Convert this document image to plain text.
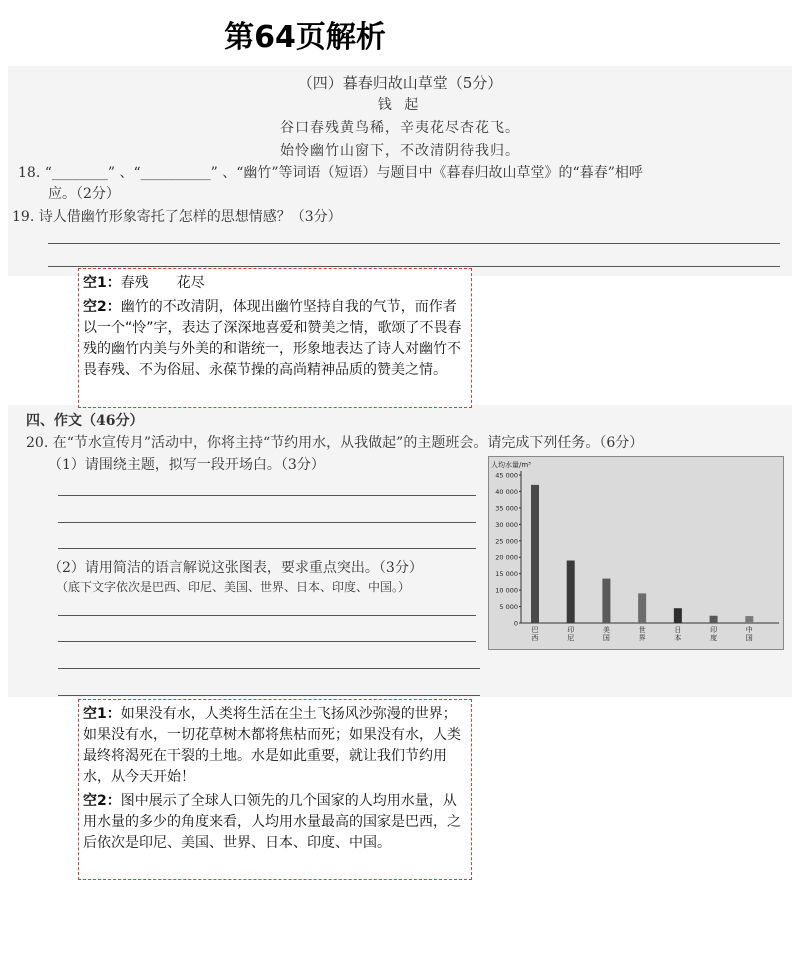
第64页解析
（四）暮春归故山草堂（5分）
钱 起
谷口春残黄鸟稀，辛夷花尽杏花飞。
始怜幽竹山窗下，不改清阴待我归。
18. “________” 、“__________” 、“幽竹”等词语（短语）与题目中《暮春归故山草堂》的“暮春”相呼
应。（2分）
19. 诗人借幽竹形象寄托了怎样的思想情感？（3分）

空1：春残　　花尽

空2：幽竹的不改清阴，体现出幽竹坚持自我的气节，而作者以一个“怜”字，表达了深深地喜爱和赞美之情，歌颂了不畏春残的幽竹内美与外美的和谐统一，形象地表达了诗人对幽竹不畏春残、不为俗屈、永葆节操的高尚精神品质的赞美之情。

四、作文（46分）
20. 在“节水宣传月”活动中，你将主持“节约用水，从我做起”的主题班会。请完成下列任务。（6分）
（1）请围绕主题，拟写一段开场白。（3分）
（2）请用简洁的语言解说这张图表，要求重点突出。（3分）
（底下文字依次是巴西、印尼、美国、世界、日本、印度、中国。）
人均水量/m³
0
5 000
10 000
15 000
20 000
25 000
30 000
35 000
40 000
45 000
巴
西
印
尼
美
国
世
界
日
本
印
度
中
国

空1：如果没有水，人类将生活在尘土飞扬风沙弥漫的世界；如果没有水，一切花草树木都将焦枯而死；如果没有水，人类最终将渴死在干裂的土地。水是如此重要，就让我们节约用水，从今天开始！

空2：图中展示了全球人口领先的几个国家的人均用水量，从用水量的多少的角度来看，人均用水量最高的国家是巴西，之后依次是印尼、美国、世界、日本、印度、中国。
